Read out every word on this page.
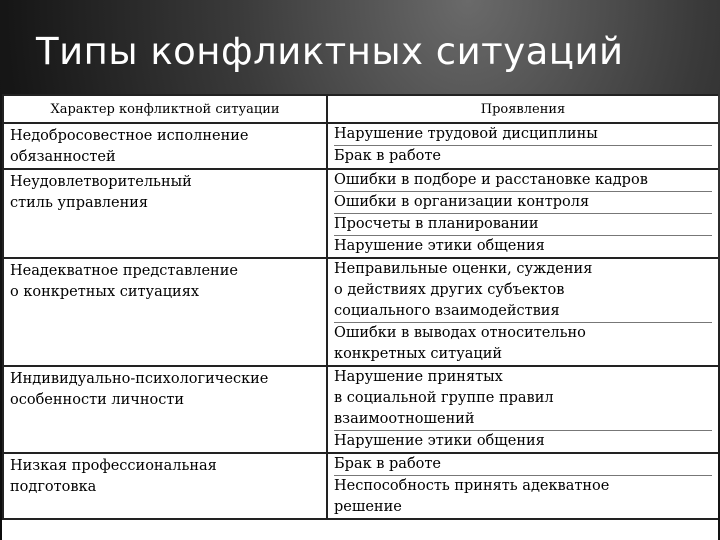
Типы конфликтных ситуаций
Характер конфликтной ситуации	Проявления

Недобросовестное исполнение
обязанностей	Нарушение трудовой дисциплины
Брак в работе

Неудовлетворительный
стиль управления	Ошибки в подборе и расстановке кадров
Ошибки в организации контроля
Просчеты в планировании
Нарушение этики общения

Неадекватное представление
о конкретных ситуациях	Неправильные оценки, суждения
о действиях других субъектов
социального взаимодействия
Ошибки в выводах относительно
конкретных ситуаций

Индивидуально-психологические
особенности личности	Нарушение принятых
в социальной группе правил
взаимоотношений
Нарушение этики общения

Низкая профессиональная
подготовка	Брак в работе
Неспособность принять адекватное
решение
